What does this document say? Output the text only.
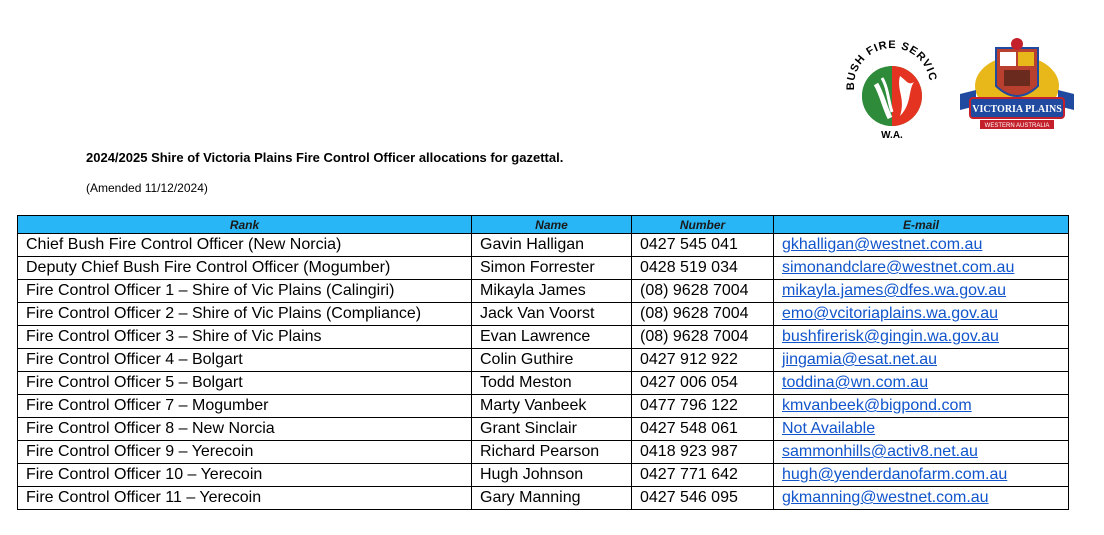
BUSH FIRE SERVIC
W.A.
VICTORIA PLAINS
WESTERN AUSTRALIA
2024/2025 Shire of Victoria Plains Fire Control Officer allocations for gazettal.
(Amended 11/12/2024)
Rank	Name	Number	E-mail
Chief Bush Fire Control Officer (New Norcia)	Gavin Halligan	0427 545 041	gkhalligan@westnet.com.au
Deputy Chief Bush Fire Control Officer (Mogumber)	Simon Forrester	0428 519 034	simonandclare@westnet.com.au
Fire Control Officer 1 – Shire of Vic Plains (Calingiri)	Mikayla James	(08) 9628 7004	mikayla.james@dfes.wa.gov.au
Fire Control Officer 2 – Shire of Vic Plains (Compliance)	Jack Van Voorst	(08) 9628 7004	emo@vcitoriaplains.wa.gov.au
Fire Control Officer 3 – Shire of Vic Plains	Evan Lawrence	(08) 9628 7004	bushfirerisk@gingin.wa.gov.au
Fire Control Officer 4 – Bolgart	Colin Guthire	0427 912 922	jingamia@esat.net.au
Fire Control Officer 5 – Bolgart	Todd Meston	0427 006 054	toddina@wn.com.au
Fire Control Officer 7 – Mogumber	Marty Vanbeek	0477 796 122	kmvanbeek@bigpond.com
Fire Control Officer 8 – New Norcia	Grant Sinclair	0427 548 061	Not Available
Fire Control Officer 9 – Yerecoin	Richard Pearson	0418 923 987	sammonhills@activ8.net.au
Fire Control Officer 10 – Yerecoin	Hugh Johnson	0427 771 642	hugh@yenderdanofarm.com.au
Fire Control Officer 11 – Yerecoin	Gary Manning	0427 546 095	gkmanning@westnet.com.au
